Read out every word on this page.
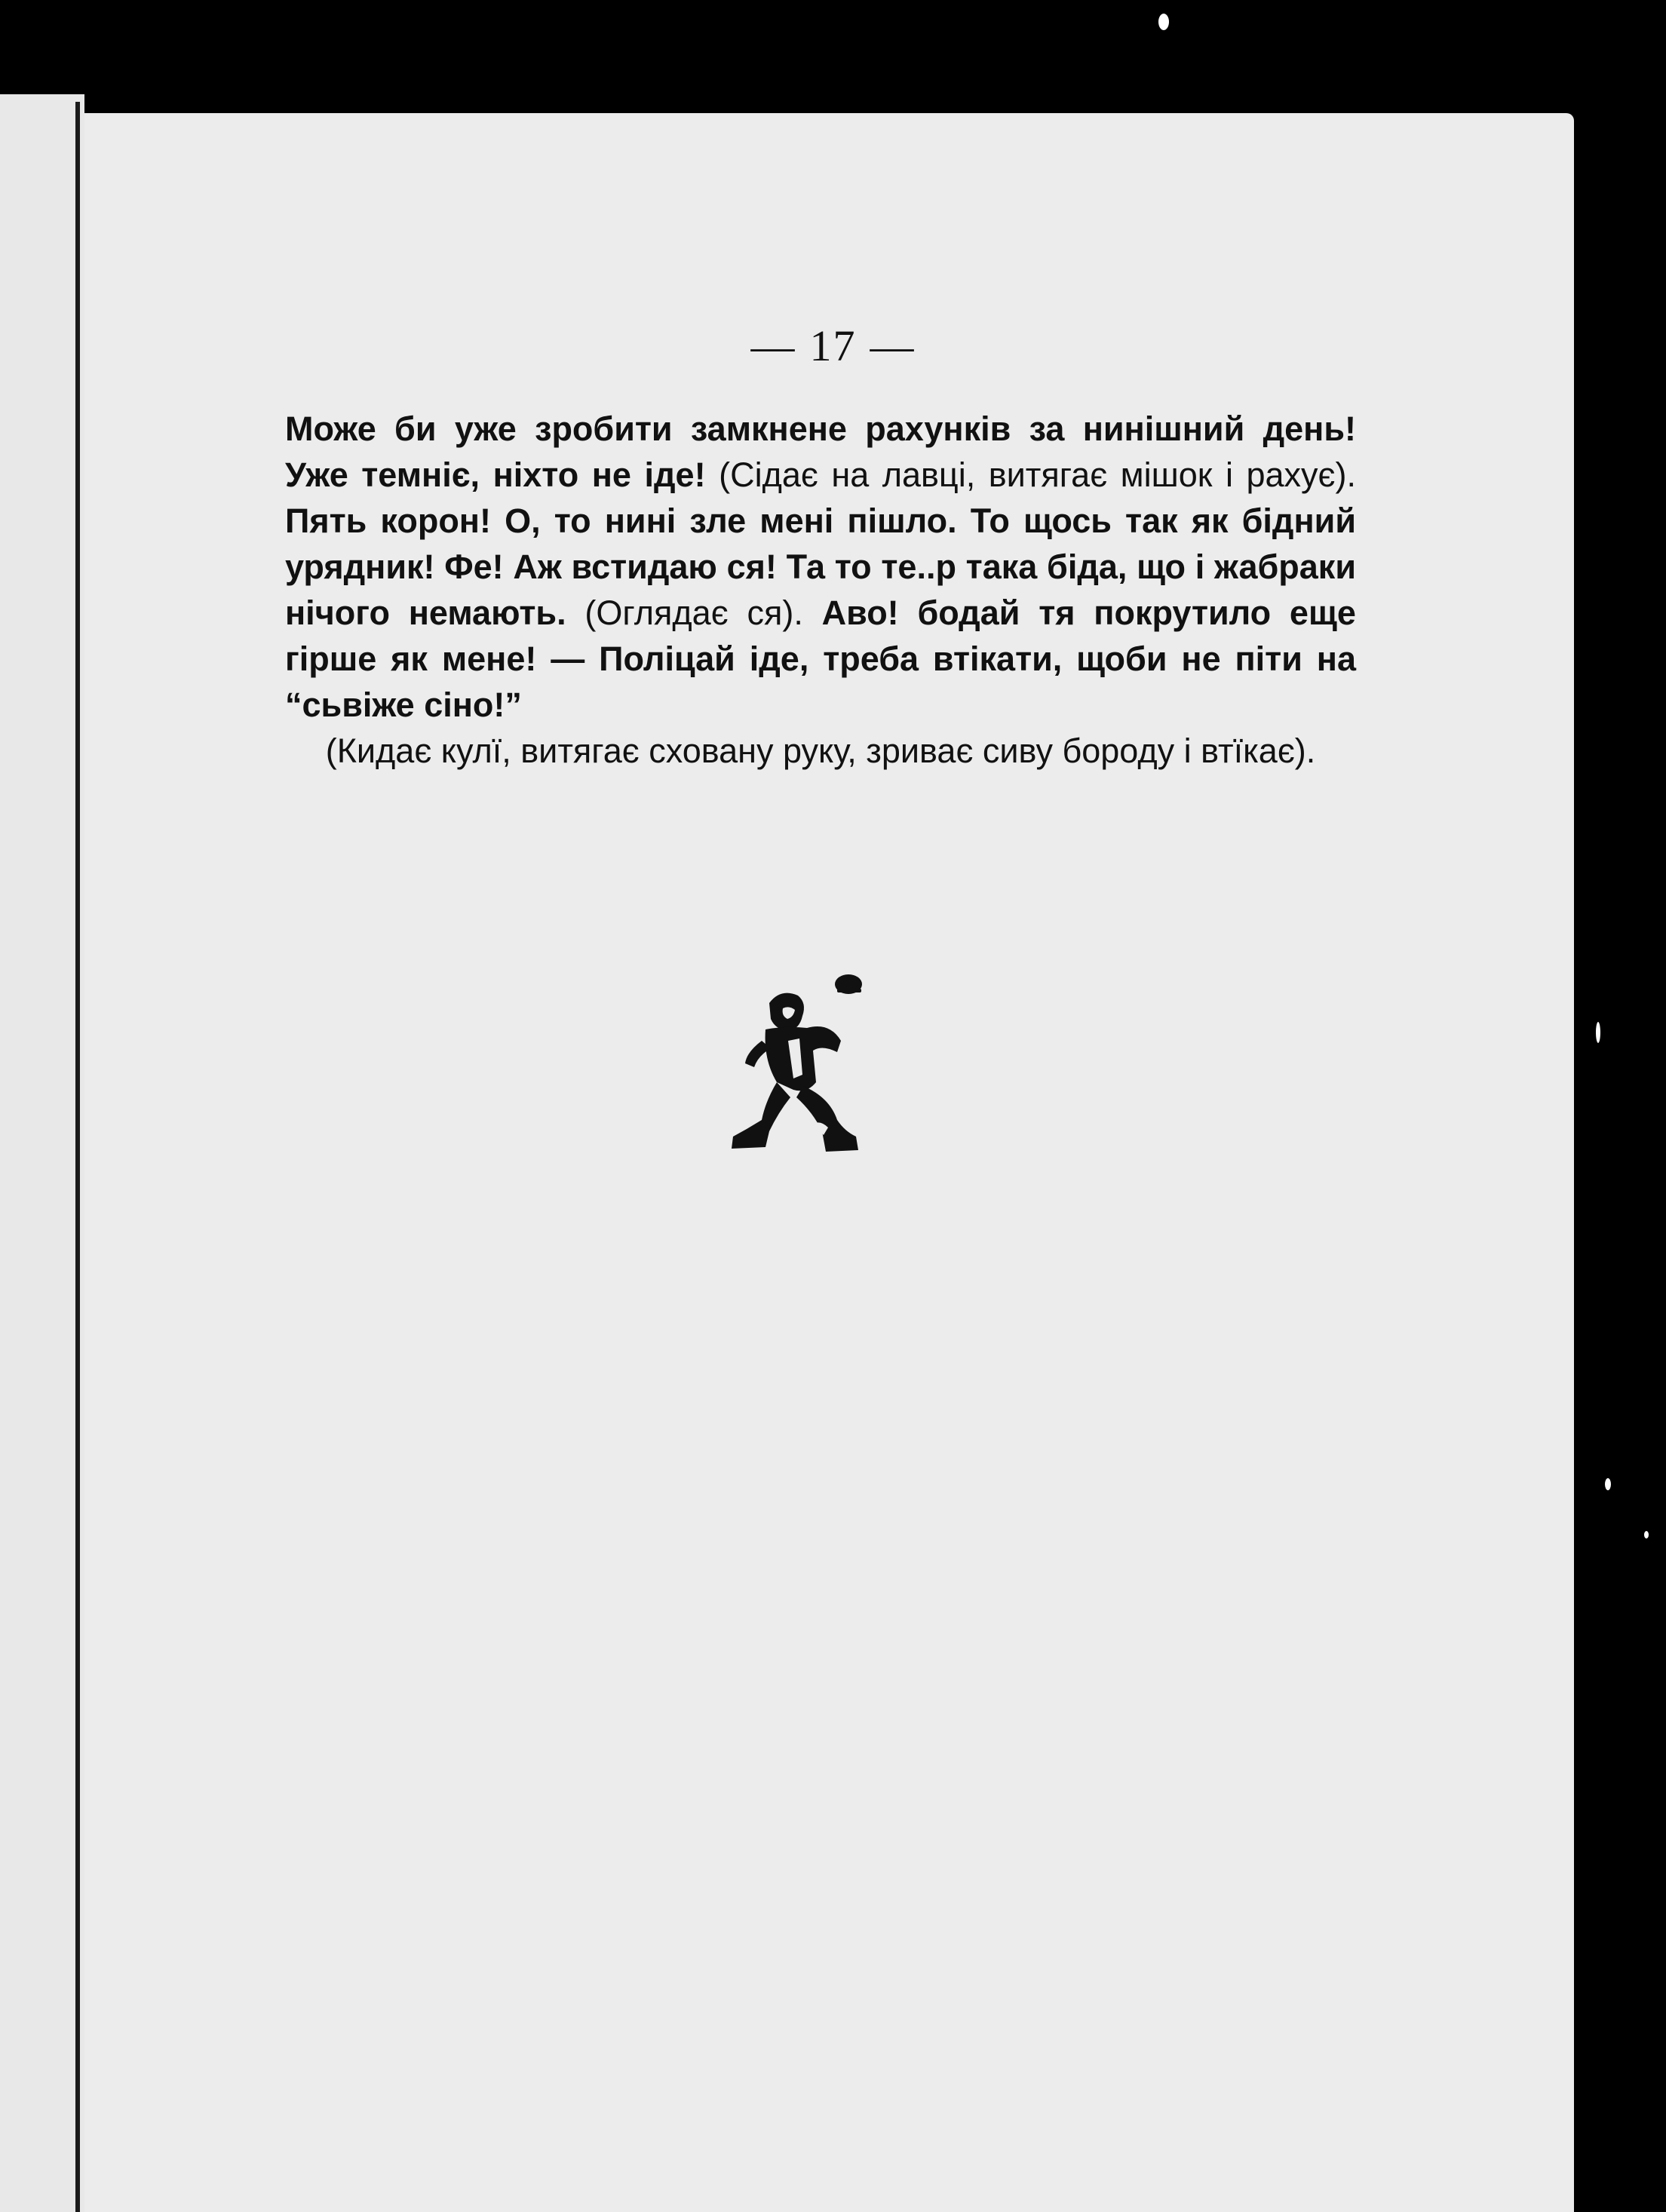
— 17 —
Може би уже зробити замкнене рахунків за нинішний день! Уже темніє, ніхто не іде! (Сідає на лавці, витягає мішок і рахує). Пять корон! О, то нині зле мені пішло. То щось так як бідний урядник! Фе! Аж встидаю ся! Та то те..р така біда, що і жабраки нічого немають. (Оглядає ся). Аво! бодай тя покрутило еще гірше як мене! — Поліцай іде, треба втікати, щоби не піти на “сьвіже сіно!”
(Кидає кулї, витягає сховану руку, зриває сиву бороду і втїкає).
